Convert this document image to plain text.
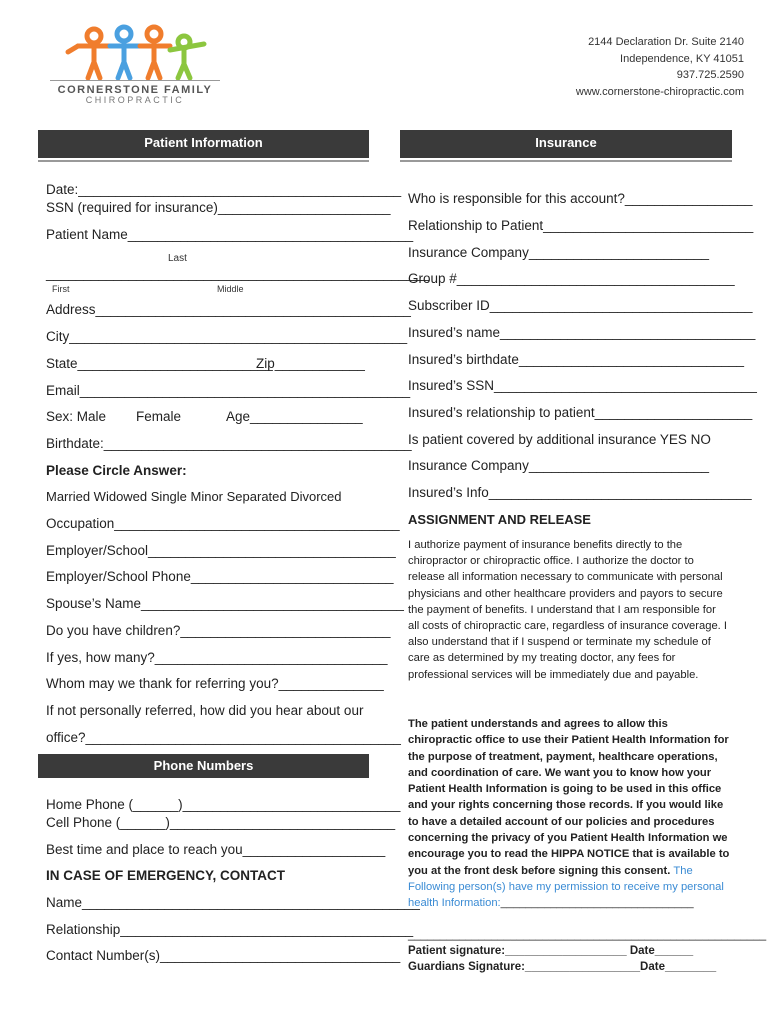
CORNERSTONE FAMILY
CHIROPRACTIC
2144 Declaration Dr. Suite 2140
Independence, KY 41051
937.725.2590
www.cornerstone-chiropractic.com
Patient Information	Insurance
Date:___________________________________________
SSN (required for insurance)_______________________
Patient Name______________________________________
Last
___________________________________________________
First	Middle
Address__________________________________________
City_____________________________________________
State__________________________
Zip____________
Email____________________________________________
Sex: Male Female	Age_______________
Birthdate:_________________________________________
Please Circle Answer:
Married Widowed Single Minor Separated Divorced
Occupation______________________________________
Employer/School_________________________________
Employer/School Phone___________________________
Spouse’s Name___________________________________
Do you have children?____________________________
If yes, how many?_______________________________
Whom may we thank for referring you?______________
If not personally referred, how did you hear about our
office?__________________________________________
Phone Numbers
Home Phone (______)_____________________________
Cell Phone (______)______________________________
Best time and place to reach you___________________
IN CASE OF EMERGENCY, CONTACT
Name_____________________________________________
Relationship_______________________________________
Contact Number(s)________________________________
Who is responsible for this account?_________________
Relationship to Patient____________________________
Insurance Company________________________
Group #_____________________________________
Subscriber ID___________________________________
Insured’s name__________________________________
Insured’s birthdate______________________________
Insured’s SSN___________________________________
Insured’s relationship to patient_____________________
Is patient covered by additional insurance YES NO
Insurance Company________________________
Insured’s Info___________________________________
ASSIGNMENT AND RELEASE
I authorize payment of insurance benefits directly to the chiropractor or chiropractic office. I authorize the doctor to release all information necessary to communicate with personal physicians and other healthcare providers and payors to secure the payment of benefits. I understand that I am responsible for all costs of chiropractic care, regardless of insurance coverage. I also understand that if I suspend or terminate my schedule of care as determined by my treating doctor, any fees for professional services will be immediately due and payable.
The patient understands and agrees to allow this chiropractic office to use their Patient Health Information for the purpose of treatment, payment, healthcare operations, and coordination of care. We want you to know how your Patient Health Information is going to be used in this office and your rights concerning those records. If you would like to have a detailed account of our policies and procedures concerning the privacy of you Patient Health Information we encourage you to read the HIPPA NOTICE that is available to you at the front desk before signing this consent. The Following person(s) have my permission to receive my personal health Information:_______________________________
________________________________________________________
Patient signature:___________________ Date______
Guardians Signature:__________________Date________
